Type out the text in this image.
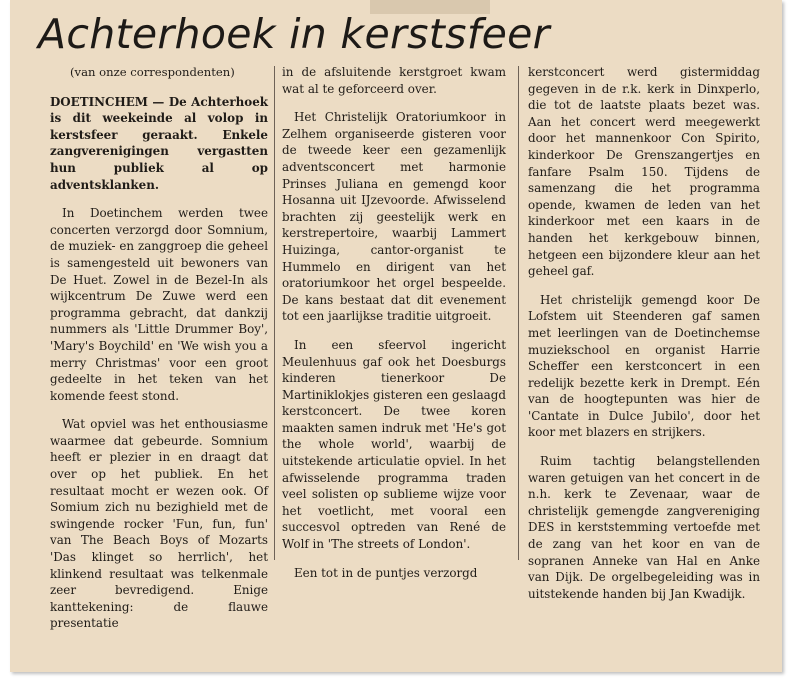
Achterhoek in kerstsfeer
(van onze correspondenten)

DOETINCHEM — De Achterhoek is dit weekeinde al volop in kerstsfeer geraakt. Enkele zangverenigingen vergastten hun publiek al op adventsklanken.

In Doetinchem werden twee concerten verzorgd door Somnium, de muziek- en zanggroep die geheel is samengesteld uit bewoners van De Huet. Zowel in de Bezel-In als wijkcentrum De Zuwe werd een programma gebracht, dat dankzij nummers als 'Little Drummer Boy', 'Mary's Boychild' en 'We wish you a merry Christmas' voor een groot gedeelte in het teken van het komende feest stond.

Wat opviel was het enthousiasme waarmee dat gebeurde. Somnium heeft er plezier in en draagt dat over op het publiek. En het resultaat mocht er wezen ook. Of Somium zich nu bezighield met de swingende rocker 'Fun, fun, fun' van The Beach Boys of Mozarts 'Das klinget so herrlich', het klinkend resultaat was telkenmale zeer bevredigend. Enige kanttekening: de flauwe presentatie

in de afsluitende kerstgroet kwam wat al te geforceerd over.

Het Christelijk Oratoriumkoor in Zelhem organiseerde gisteren voor de tweede keer een gezamenlijk adventsconcert met harmonie Prinses Juliana en gemengd koor Hosanna uit IJzevoorde. Afwisselend brachten zij geestelijk werk en kerstrepertoire, waarbij Lammert Huizinga, cantor-organist te Hummelo en dirigent van het oratoriumkoor het orgel bespeelde. De kans bestaat dat dit evenement tot een jaarlijkse traditie uitgroeit.

In een sfeervol ingericht Meulenhuus gaf ook het Doesburgs kinderen tienerkoor De Martiniklokjes gisteren een geslaagd kerstconcert. De twee koren maakten samen indruk met 'He's got the whole world', waarbij de uitstekende articulatie opviel. In het afwisselende programma traden veel solisten op sublieme wijze voor het voetlicht, met vooral een succesvol optreden van René de Wolf in 'The streets of London'.

Een tot in de puntjes verzorgd

kerstconcert werd gistermiddag gegeven in de r.k. kerk in Dinxperlo, die tot de laatste plaats bezet was. Aan het concert werd meegewerkt door het mannenkoor Con Spirito, kinderkoor De Grenszangertjes en fanfare Psalm 150. Tijdens de samenzang die het programma opende, kwamen de leden van het kinderkoor met een kaars in de handen het kerkgebouw binnen, hetgeen een bijzondere kleur aan het geheel gaf.

Het christelijk gemengd koor De Lofstem uit Steenderen gaf samen met leerlingen van de Doetinchemse muziekschool en organist Harrie Scheffer een kerstconcert in een redelijk bezette kerk in Drempt. Eén van de hoogtepunten was hier de 'Cantate in Dulce Jubilo', door het koor met blazers en strijkers.

Ruim tachtig belangstellenden waren getuigen van het concert in de n.h. kerk te Zevenaar, waar de christelijk gemengde zangvereniging DES in kerststemming vertoefde met de zang van het koor en van de sopranen Anneke van Hal en Anke van Dijk. De orgelbegeleiding was in uitstekende handen bij Jan Kwadijk.
